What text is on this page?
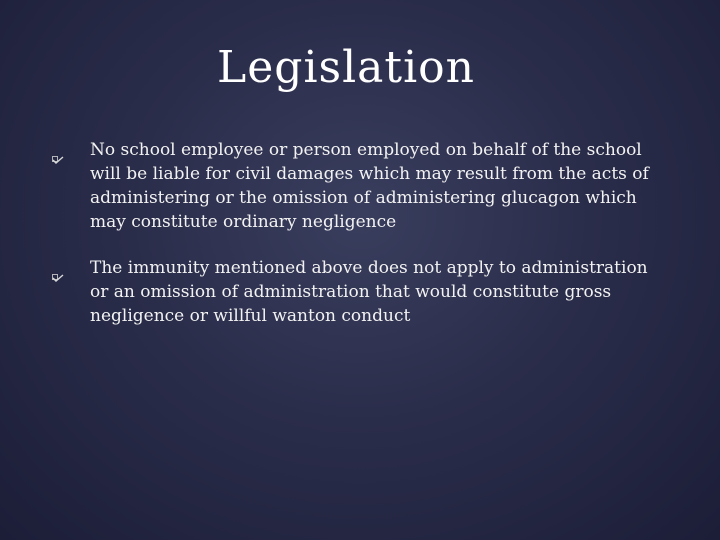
Legislation
No school employee or person employed on behalf of the school will be liable for civil damages which may result from the acts of administering or the omission of administering glucagon which may constitute ordinary negligence
The immunity mentioned above does not apply to administration or an omission of administration that would constitute gross negligence or willful wanton conduct
